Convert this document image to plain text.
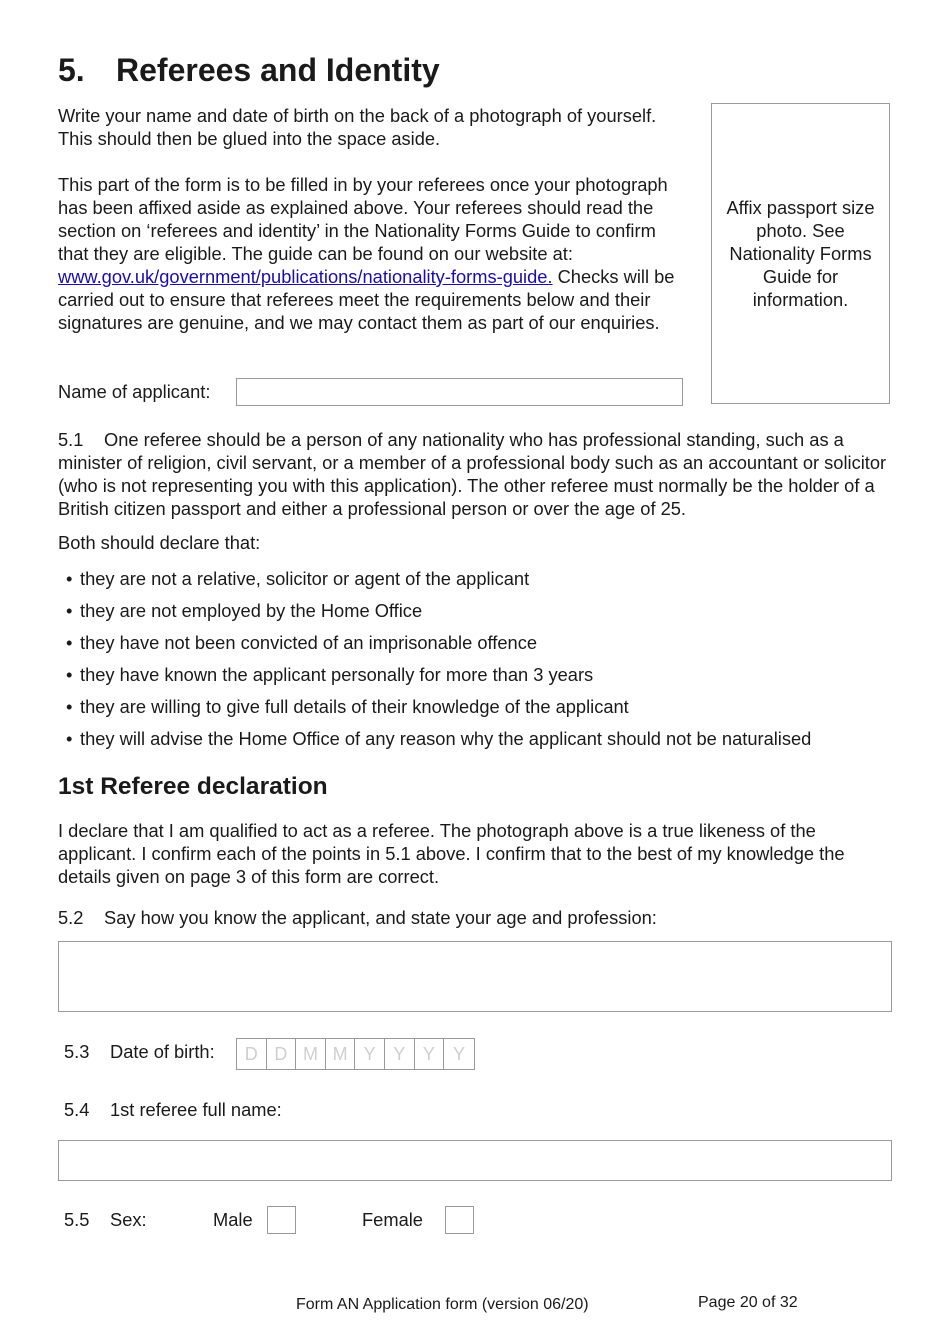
5. Referees and Identity

Write your name and date of birth on the back of a photograph of yourself. This should then be glued into the space aside.

This part of the form is to be filled in by your referees once your photograph has been affixed aside as explained above. Your referees should read the section on ‘referees and identity’ in the Nationality Forms Guide to confirm that they are eligible. The guide can be found on our website at: www.gov.uk/government/publications/nationality-forms-guide. Checks will be carried out to ensure that referees meet the requirements below and their signatures are genuine, and we may contact them as part of our enquiries.

Affix passport size photo. See Nationality Forms Guide for information.
Name of applicant:

5.1 One referee should be a person of any nationality who has professional standing, such as a minister of religion, civil servant, or a member of a professional body such as an accountant or solicitor (who is not representing you with this application). The other referee must normally be the holder of a British citizen passport and either a professional person or over the age of 25.

Both should declare that:

• they are not a relative, solicitor or agent of the applicant
• they are not employed by the Home Office
• they have not been convicted of an imprisonable offence
• they have known the applicant personally for more than 3 years
• they are willing to give full details of their knowledge of the applicant
• they will advise the Home Office of any reason why the applicant should not be naturalised
1st Referee declaration

I declare that I am qualified to act as a referee. The photograph above is a true likeness of the applicant. I confirm each of the points in 5.1 above. I confirm that to the best of my knowledge the details given on page 3 of this form are correct.

5.2 Say how you know the applicant, and state your age and profession:

5.3 Date of birth:	D D M M Y Y Y	Y
5.4 1st referee full name:
5.5 Sex:	Male	Female
Form AN Application form (version 06/20)	Page 20 of 32
